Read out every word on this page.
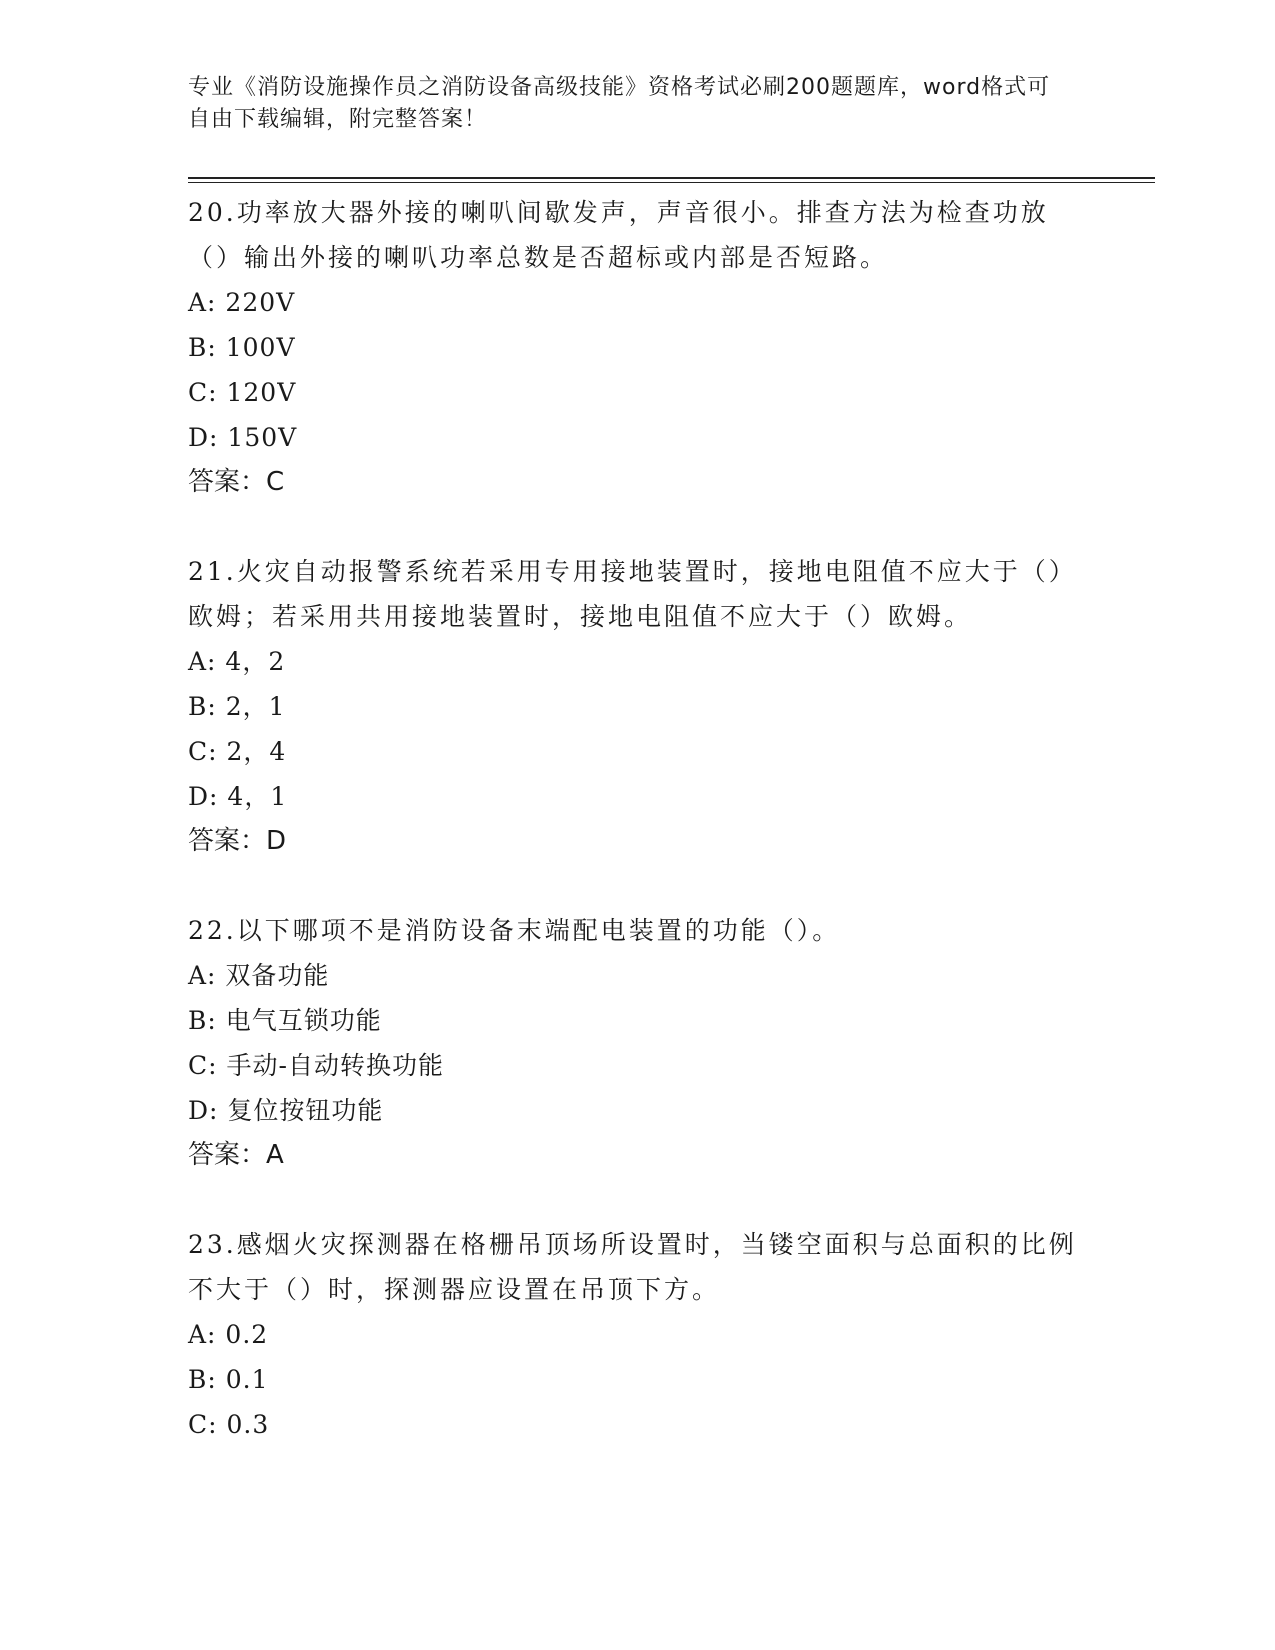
专业《消防设施操作员之消防设备高级技能》资格考试必刷200题题库，word格式可自由下载编辑，附完整答案！
20.功率放大器外接的喇叭间歇发声，声音很小。排查方法为检查功放（）输出外接的喇叭功率总数是否超标或内部是否短路。
A: 220V
B: 100V
C: 120V
D: 150V
答案：C
21.火灾自动报警系统若采用专用接地装置时，接地电阻值不应大于（）欧姆；若采用共用接地装置时，接地电阻值不应大于（）欧姆。
A: 4，2
B: 2，1
C: 2，4
D: 4，1
答案：D
22.以下哪项不是消防设备末端配电装置的功能（）。
A: 双备功能
B: 电气互锁功能
C: 手动-自动转换功能
D: 复位按钮功能
答案：A
23.感烟火灾探测器在格栅吊顶场所设置时，当镂空面积与总面积的比例不大于（）时，探测器应设置在吊顶下方。
A: 0.2
B: 0.1
C: 0.3
